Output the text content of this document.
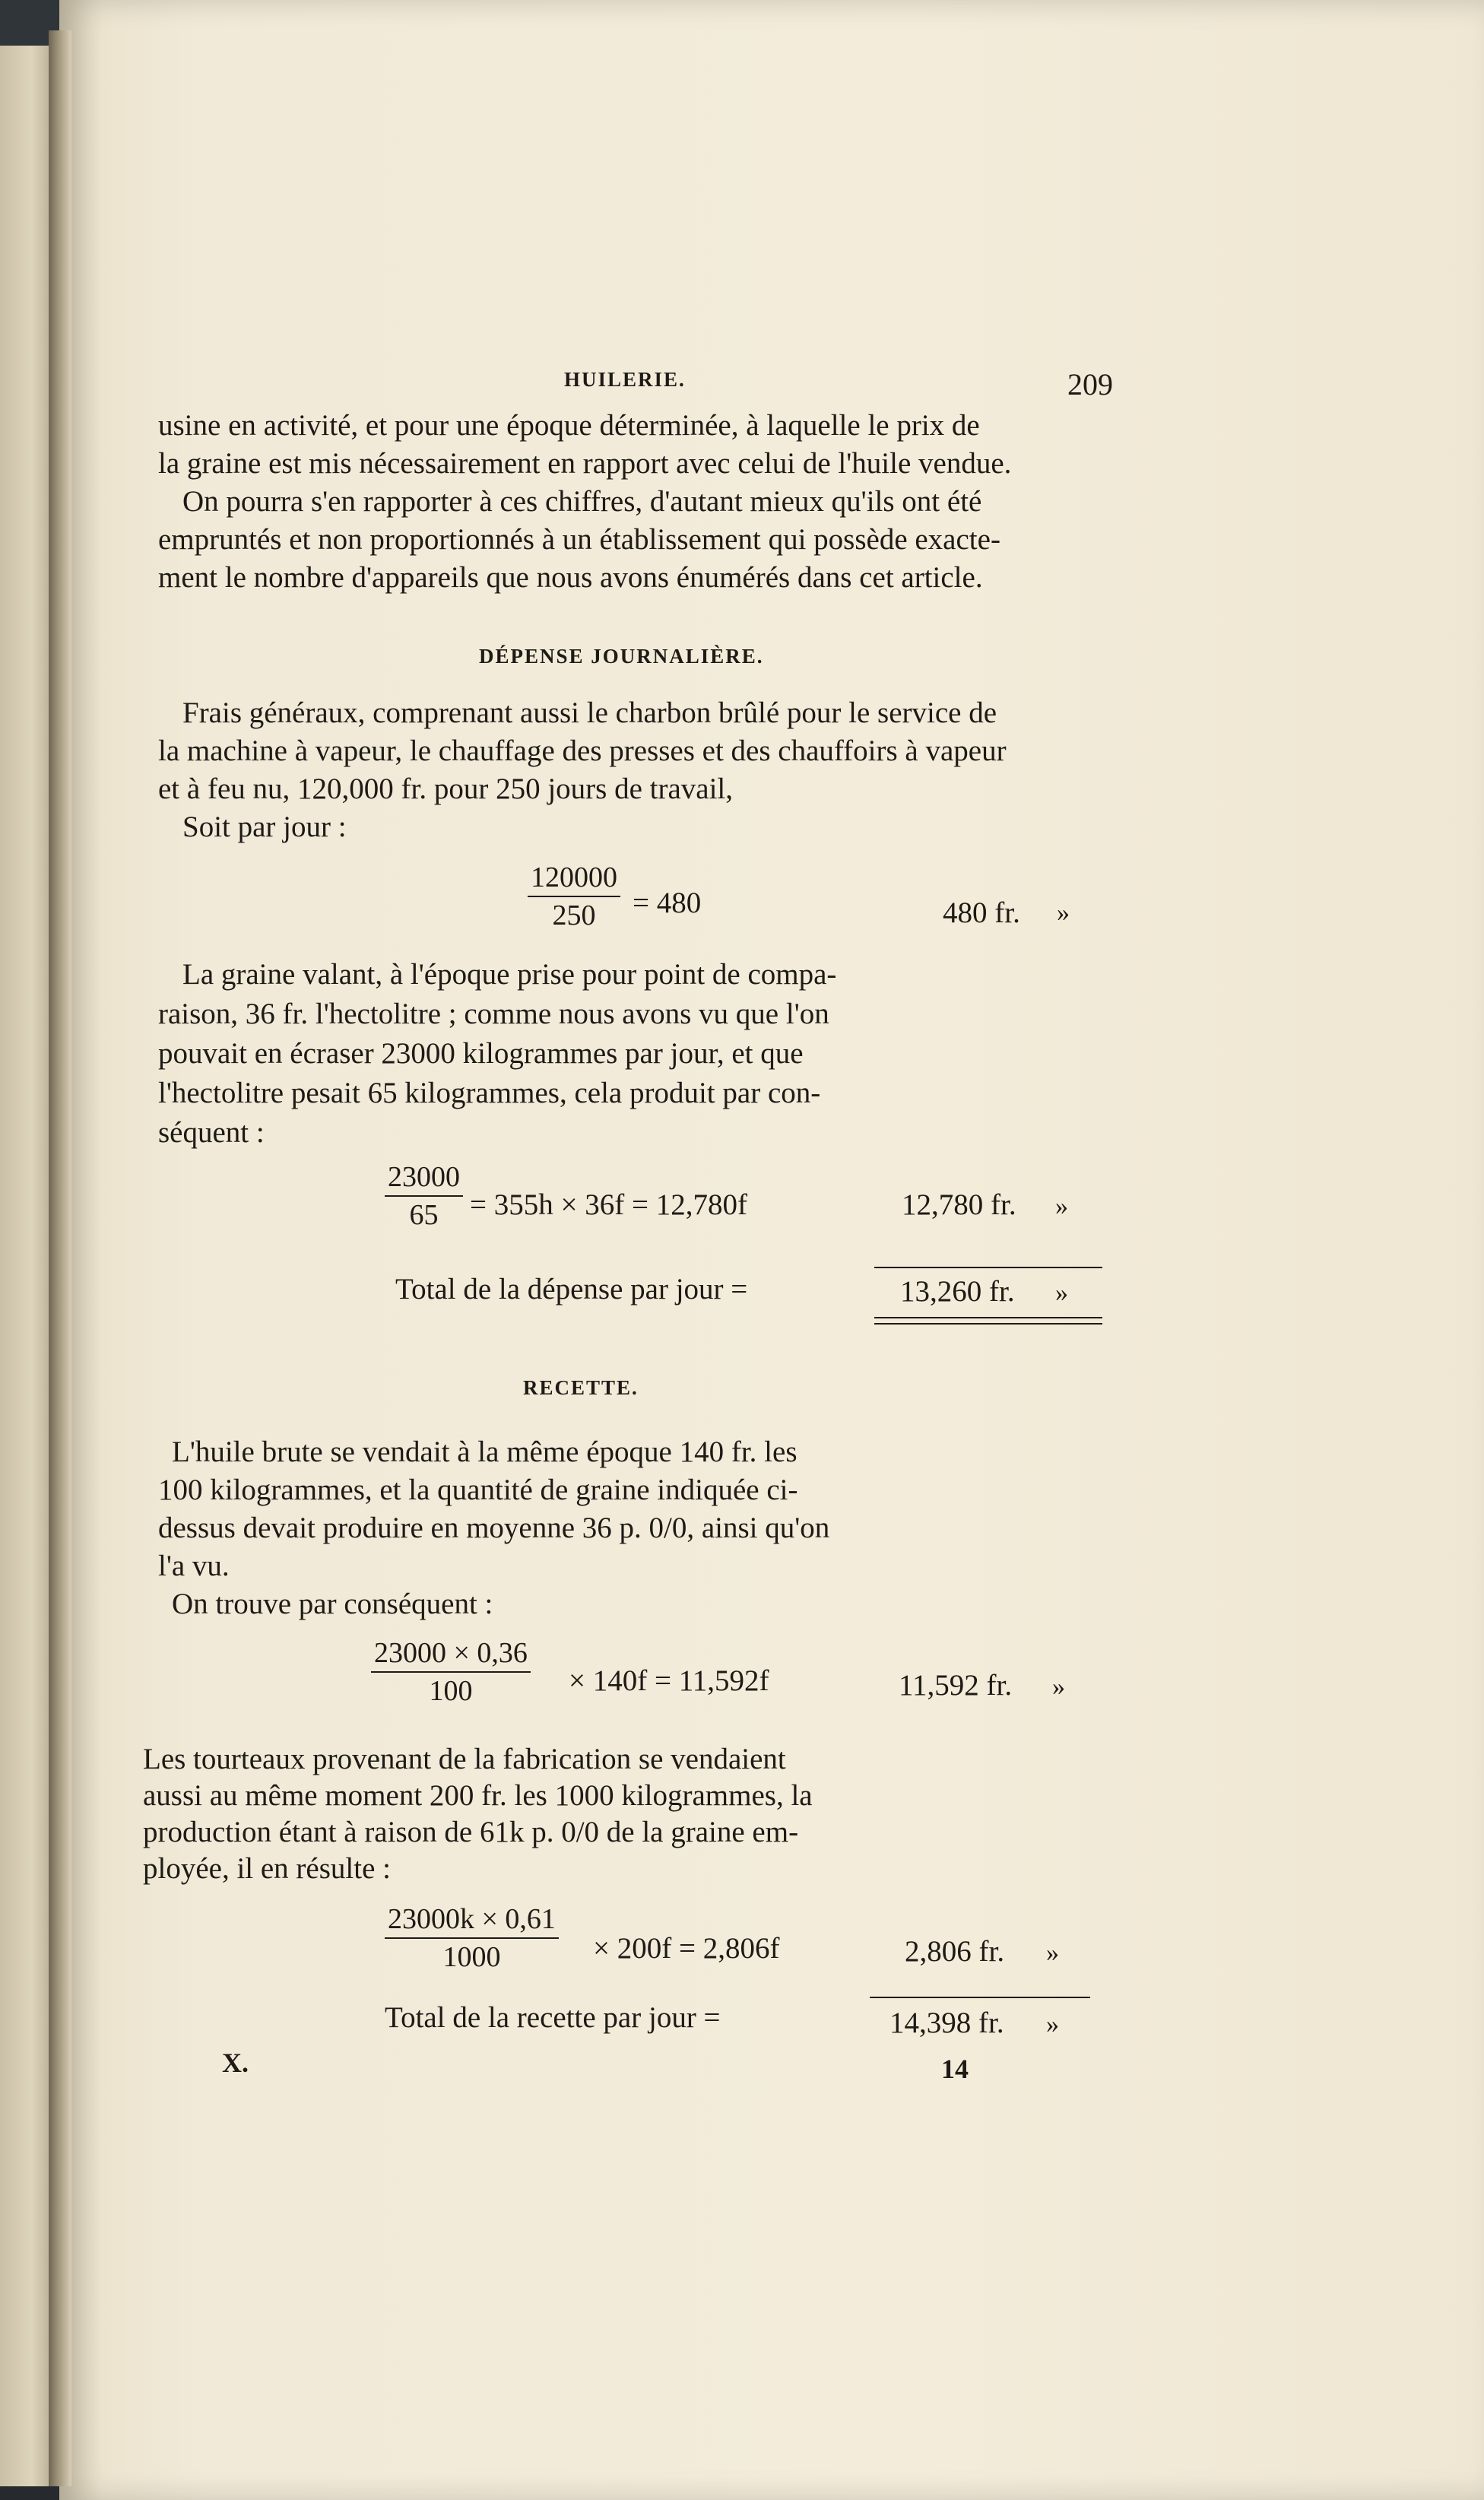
HUILERIE.	209
usine en activité, et pour une époque déterminée, à laquelle le prix de
la graine est mis nécessairement en rapport avec celui de l'huile vendue.
On pourra s'en rapporter à ces chiffres, d'autant mieux qu'ils ont été
empruntés et non proportionnés à un établissement qui possède exacte-
ment le nombre d'appareils que nous avons énumérés dans cet article.
DÉPENSE JOURNALIÈRE.
Frais généraux, comprenant aussi le charbon brûlé pour le service de
la machine à vapeur, le chauffage des presses et des chauffoirs à vapeur
et à feu nu, 120,000 fr. pour 250 jours de travail,
Soit par jour :
$\frac{120000}{250} = 480$	480 fr. »
La graine valant, à l'époque prise pour point de compa-
raison, 36 fr. l'hectolitre ; comme nous avons vu que l'on
pouvait en écraser 23000 kilogrammes par jour, et que
l'hectolitre pesait 65 kilogrammes, cela produit par con-
séquent :
$\frac{23000}{65} = 355h \times 36f = 12,780f$	12,780 fr. »
Total de la dépense par jour =	13,260 fr. »
RECETTE.
L'huile brute se vendait à la même époque 140 fr. les
100 kilogrammes, et la quantité de graine indiquée ci-
dessus devait produire en moyenne 36 p. 0/0, ainsi qu'on
l'a vu.
On trouve par conséquent :
$\frac{23000 \times 0,36}{100} \times 140f = 11,592f$	11,592 fr. »
Les tourteaux provenant de la fabrication se vendaient
aussi au même moment 200 fr. les 1000 kilogrammes, la
production étant à raison de 61k p. 0/0 de la graine em-
ployée, il en résulte :
$\frac{23000k \times 0,61}{1000} \times 200f = 2,806f$	2,806 fr. »
Total de la recette par jour =	14,398 fr. »
X.	14
